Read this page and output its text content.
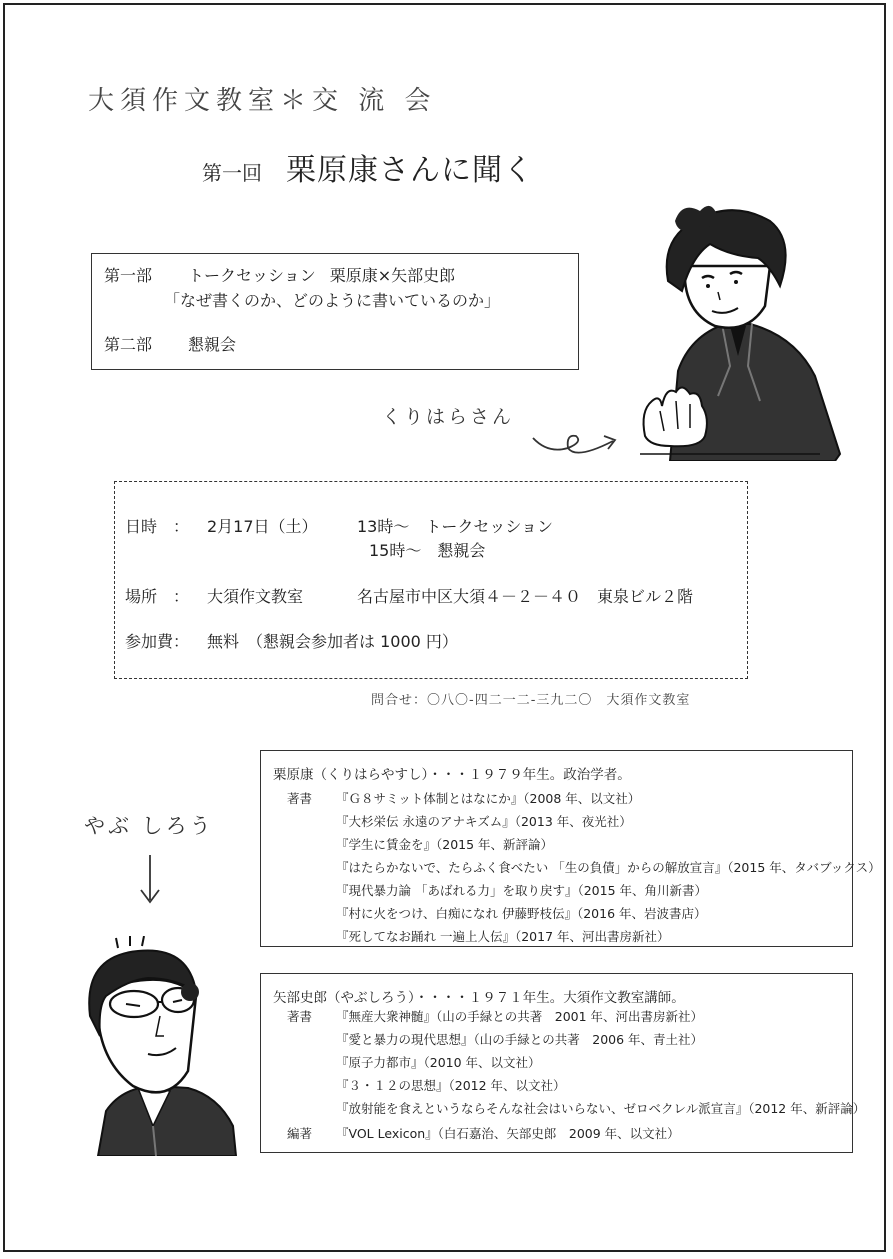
大須作文教室＊交 流 会
第一回 栗原康さんに聞く
第一部 トークセッション 栗原康×矢部史郎
「なぜ書くのか、どのように書いているのか」
第二部 懇親会
くりはらさん
日時　： 2月17日（土） 13時～　トークセッション
15時～　懇親会
場所　： 大須作文教室	名古屋市中区大須４－２－４０　東泉ビル２階
参加費： 無料　（懇親会参加者は 1000 円）
問合せ：〇八〇-四二一二-三九二〇　大須作文教室
栗原康（くりはらやすし）・・・１９７９年生。政治学者。
著書 『Ｇ８サミット体制とはなにか』（2008 年、以文社）
『大杉栄伝 永遠のアナキズム』（2013 年、夜光社）
『学生に賃金を』（2015 年、新評論）
『はたらかないで、たらふく食べたい 「生の負債」からの解放宣言』（2015 年、タバブックス）
『現代暴力論 「あばれる力」を取り戻す』（2015 年、角川新書）
『村に火をつけ、白痴になれ 伊藤野枝伝』（2016 年、岩波書店）
『死してなお踊れ 一遍上人伝』（2017 年、河出書房新社）
やぶ しろう
矢部史郎（やぶしろう）・・・・１９７１年生。大須作文教室講師。
著書 『無産大衆神髄』（山の手緑との共著　2001 年、河出書房新社）
『愛と暴力の現代思想』（山の手緑との共著　2006 年、青土社）
『原子力都市』（2010 年、以文社）
『３・１２の思想』（2012 年、以文社）
『放射能を食えというならそんな社会はいらない、ゼロベクレル派宣言』（2012 年、新評論）
編著 『VOL Lexicon』（白石嘉治、矢部史郎　2009 年、以文社）
